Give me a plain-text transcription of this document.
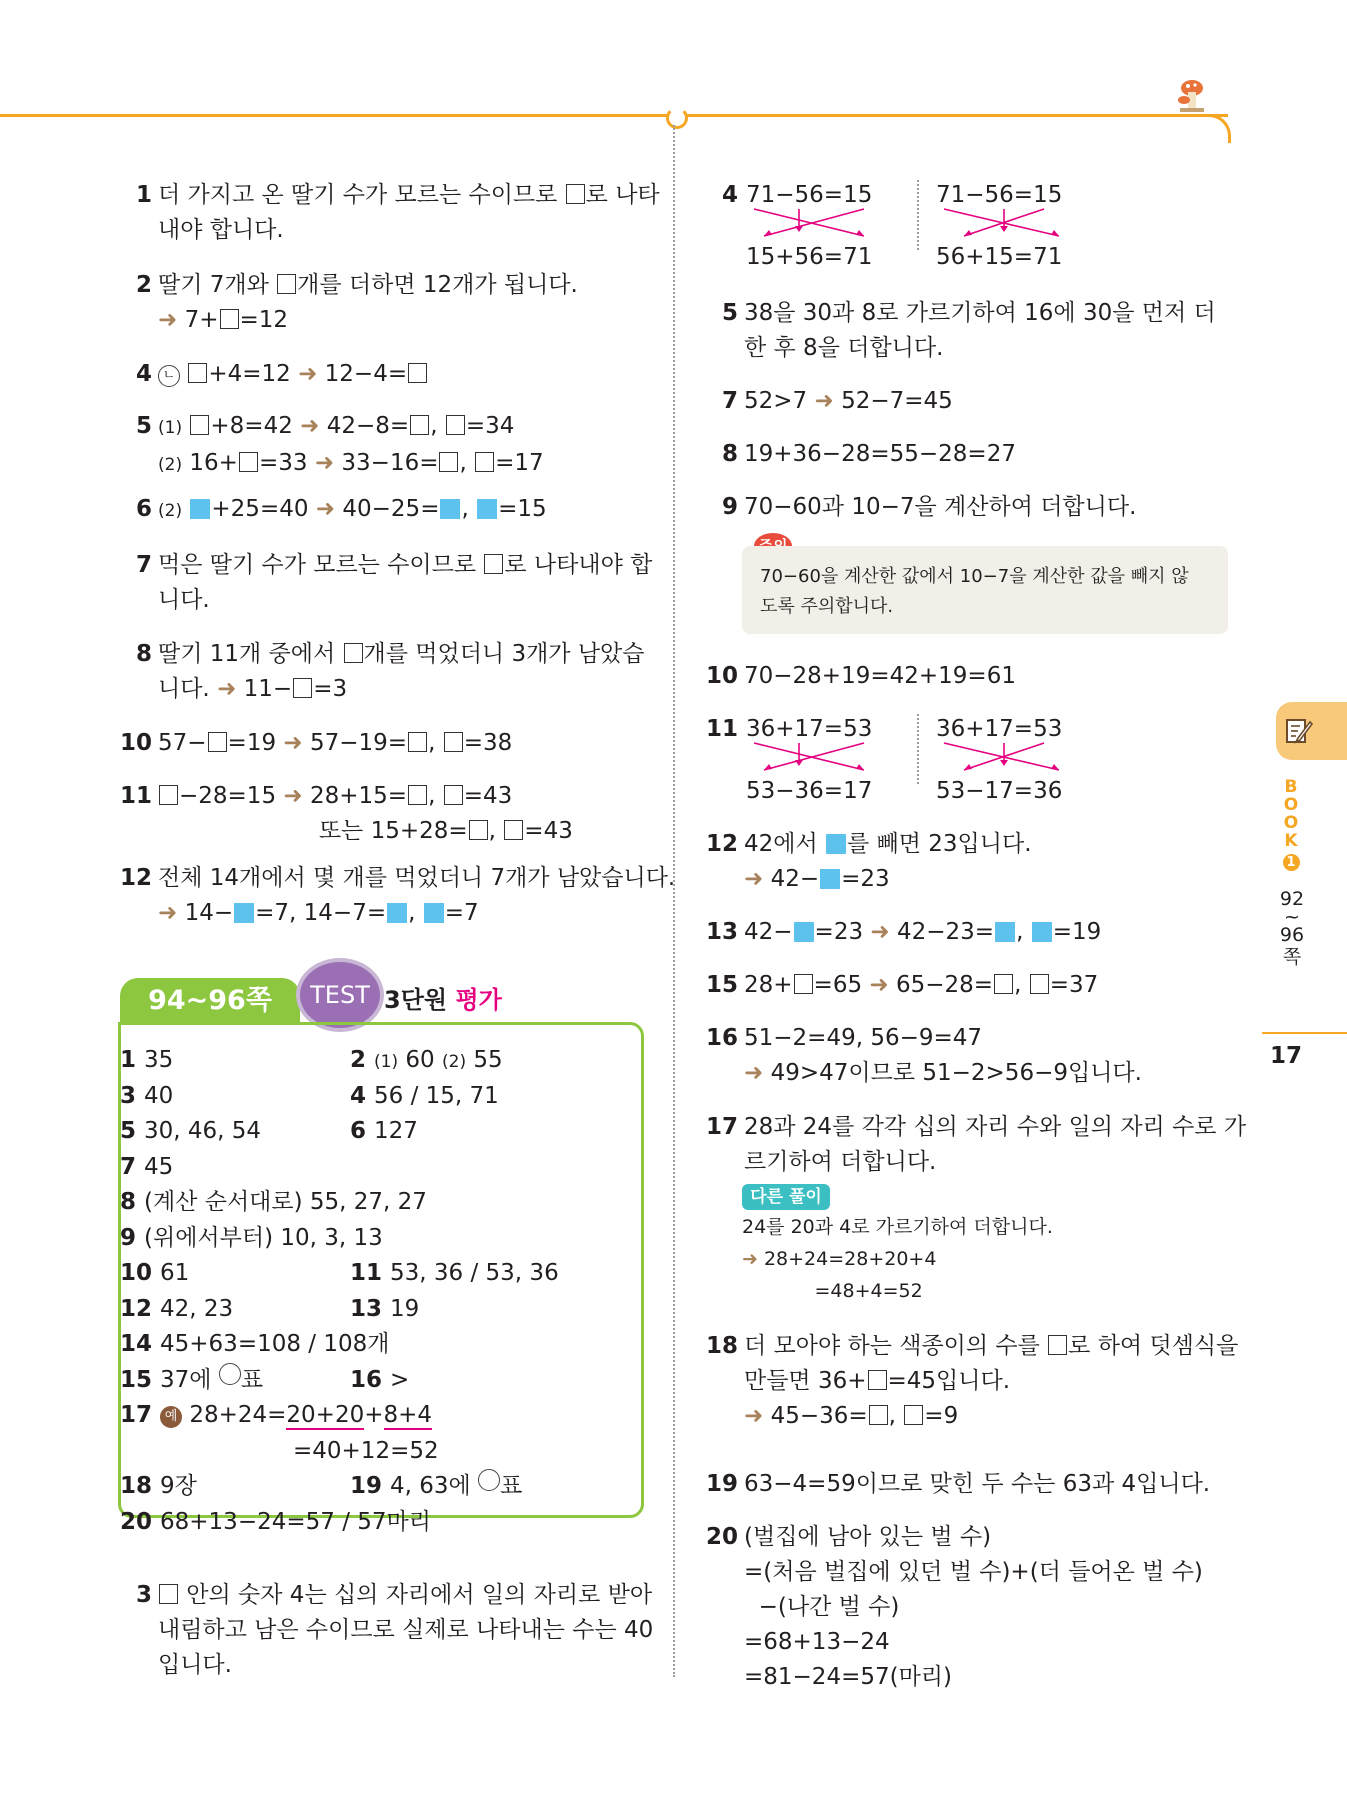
1 더 가지고 온 딸기 수가 모르는 수이므로 로 나타
내야 합니다.
2 딸기 7개와 개를 더하면 12개가 됩니다.
➜ 7+ =12
4 ㄴ +4=12 ➜ 12−4=
5 (1) +8=42 ➜ 42−8= , =34
(2) 16+ =33 ➜ 33−16= , =17
6 (2) +25=40 ➜ 40−25= , =15
7 먹은 딸기 수가 모르는 수이므로 로 나타내야 합
니다.
8 딸기 11개 중에서 개를 먹었더니 3개가 남았습
니다. ➜ 11− =3
10 57− =19 ➜ 57−19= , =38
11	−28=15 ➜ 28+15= , =43
또는 15+28= , =43
12 전체 14개에서 몇 개를 먹었더니 7개가 남았습니다.
➜ 14− =7, 14−7= , =7
94~96쪽	TEST 3단원 평가
1 35	2 (1) 60 (2) 55
3 40	4 56 / 15, 71
5 30, 46, 54	6 127
7 45
8 (계산 순서대로) 55, 27, 27
9 (위에서부터) 10, 3, 13
10 61	11 53, 36 / 53, 36
12 42, 23	13 19
14 45+63=108 / 108개
15 37에 ○표	16 >
17 예 28+24=20+20+8+4
=40+12=52
18 9장	19 4, 63에 ○표
20 68+13−24=57 / 57마리
3	안의 숫자 4는 십의 자리에서 일의 자리로 받아
내림하고 남은 수이므로 실제로 나타내는 수는 40
입니다.
4 71−56=15
15+56=71
71−56=15
56+15=71
5 38을 30과 8로 가르기하여 16에 30을 먼저 더
한 후 8을 더합니다.
7 52>7 ➜ 52−7=45
8 19+36−28=55−28=27
9 70−60과 10−7을 계산하여 더합니다.
10 70−28+19=42+19=61
11 36+17=53
53−36=17
36+17=53
53−17=36
12 42에서 를 빼면 23입니다.
➜ 42− =23
13 42− =23 ➜ 42−23= , =19
15 28+ =65 ➜ 65−28= , =37
16 51−2=49, 56−9=47
➜ 49>47이므로 51−2>56−9입니다.
17 28과 24를 각각 십의 자리 수와 일의 자리 수로 가
르기하여 더합니다.
18 더 모아야 하는 색종이의 수를 로 하여 덧셈식을
만들면 36+ =45입니다.
➜ 45−36= , =9
19 63−4=59이므로 맞힌 두 수는 63과 4입니다.
20 (벌집에 남아 있는 벌 수)
=(처음 벌집에 있던 벌 수)+(더 들어온 벌 수)
−(나간 벌 수)
=68+13−24
=81−24=57(마리)
70−60을 계산한 값에서 10−7을 계산한 값을 빼지 않
도록 주의합니다.
다른 풀이
24를 20과 4로 가르기하여 더합니다.
➜ 28+24=28+20+4
=48+4=52
B
O
O
K
1
92
~
96
쪽
17
